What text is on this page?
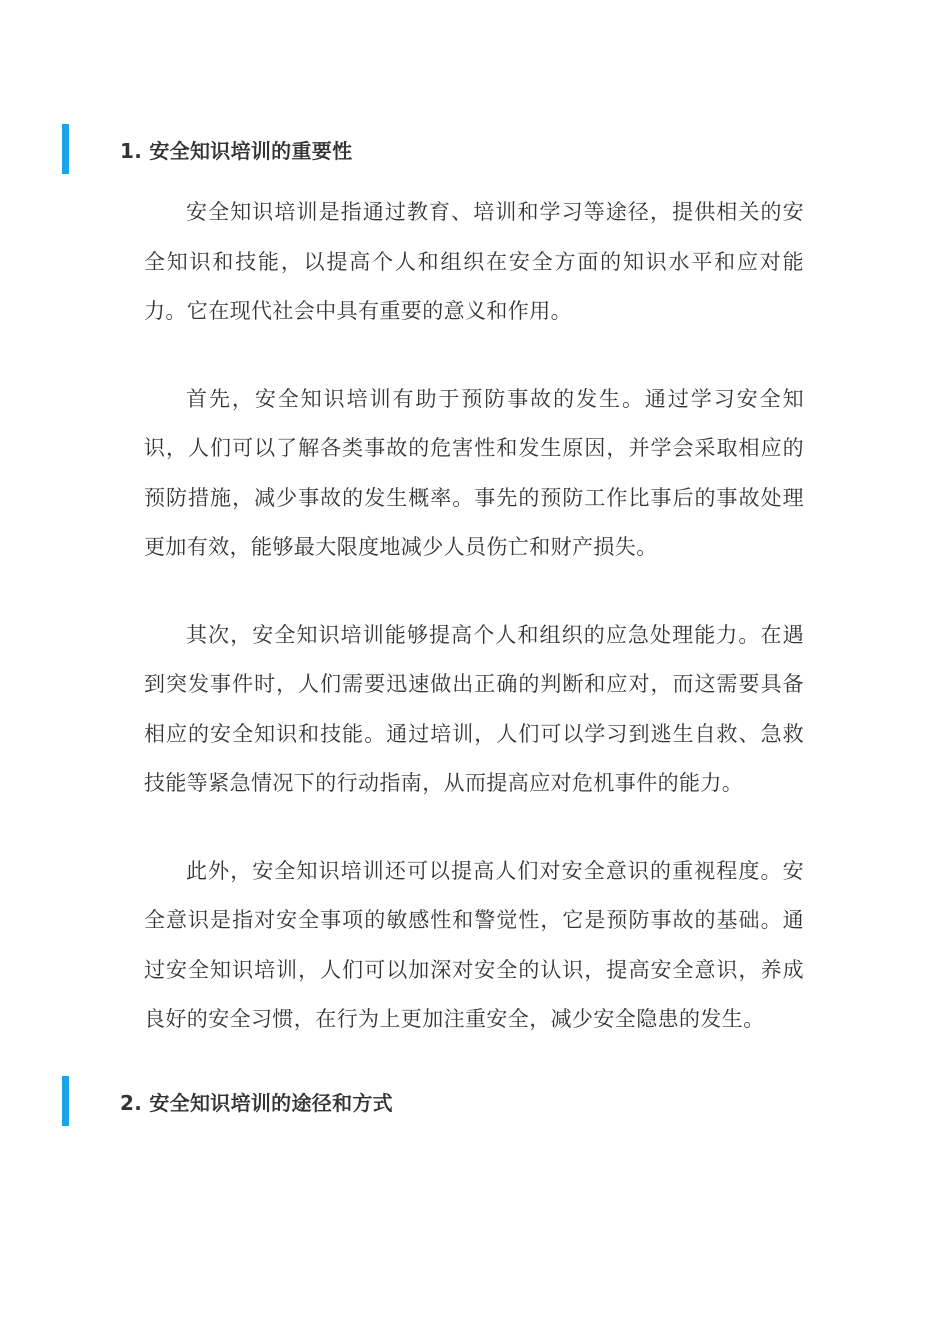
1. 安全知识培训的重要性

安全知识培训是指通过教育、培训和学习等途径，提供相关的安全知识和技能，以提高个人和组织在安全方面的知识水平和应对能力。它在现代社会中具有重要的意义和作用。

首先，安全知识培训有助于预防事故的发生。通过学习安全知识，人们可以了解各类事故的危害性和发生原因，并学会采取相应的预防措施，减少事故的发生概率。事先的预防工作比事后的事故处理更加有效，能够最大限度地减少人员伤亡和财产损失。

其次，安全知识培训能够提高个人和组织的应急处理能力。在遇到突发事件时，人们需要迅速做出正确的判断和应对，而这需要具备相应的安全知识和技能。通过培训，人们可以学习到逃生自救、急救技能等紧急情况下的行动指南，从而提高应对危机事件的能力。

此外，安全知识培训还可以提高人们对安全意识的重视程度。安全意识是指对安全事项的敏感性和警觉性，它是预防事故的基础。通过安全知识培训，人们可以加深对安全的认识，提高安全意识，养成良好的安全习惯，在行为上更加注重安全，减少安全隐患的发生。

2. 安全知识培训的途径和方式
